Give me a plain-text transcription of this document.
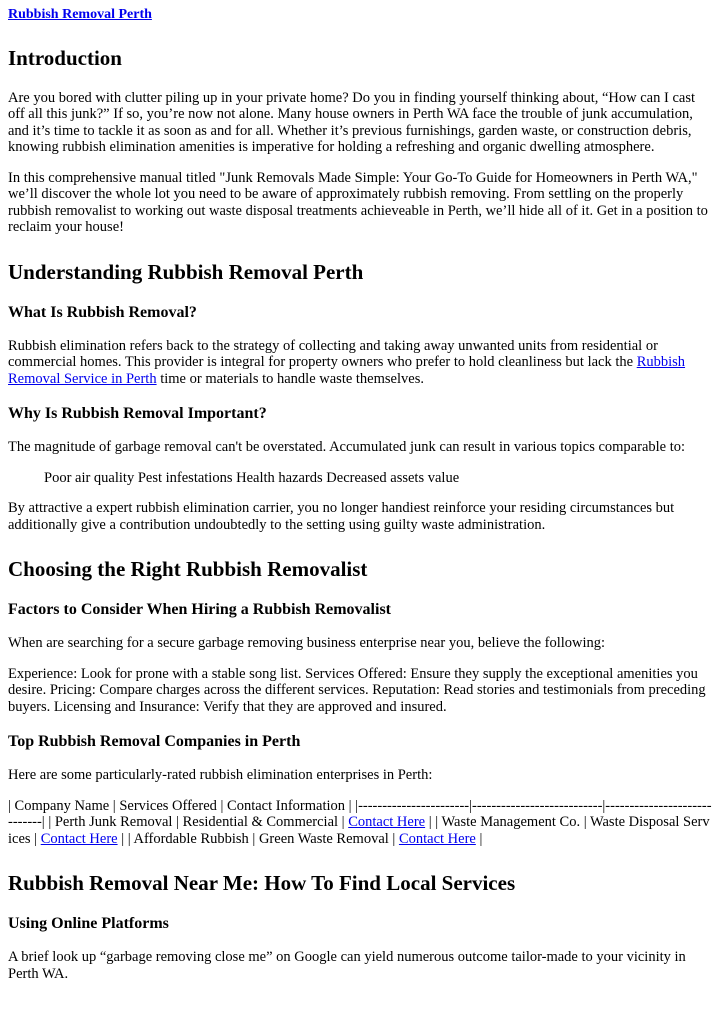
Rubbish Removal Perth
Introduction

Are you bored with clutter piling up in your private home? Do you in finding yourself thinking about, “How can I cast off all this junk?” If so, you’re now not alone. Many house owners in Perth WA face the trouble of junk accumulation, and it’s time to tackle it as soon as and for all. Whether it’s previous furnishings, garden waste, or construction debris, knowing rubbish elimination amenities is imperative for holding a refreshing and organic dwelling atmosphere.

In this comprehensive manual titled "Junk Removals Made Simple: Your Go-To Guide for Homeowners in Perth WA," we’ll discover the whole lot you need to be aware of approximately rubbish removing. From settling on the properly rubbish removalist to working out waste disposal treatments achieveable in Perth, we’ll hide all of it. Get in a position to reclaim your house!

Understanding Rubbish Removal Perth
What Is Rubbish Removal?

Rubbish elimination refers back to the strategy of collecting and taking away unwanted units from residential or commercial homes. This provider is integral for property owners who prefer to hold cleanliness but lack the Rubbish Removal Service in Perth time or materials to handle waste themselves.

Why Is Rubbish Removal Important?

The magnitude of garbage removal can't be overstated. Accumulated junk can result in various topics comparable to:

Poor air quality Pest infestations Health hazards Decreased assets value

By attractive a expert rubbish elimination carrier, you no longer handiest reinforce your residing circumstances but additionally give a contribution undoubtedly to the setting using guilty waste administration.

Choosing the Right Rubbish Removalist
Factors to Consider When Hiring a Rubbish Removalist

When are searching for a secure garbage removing business enterprise near you, believe the following:

Experience: Look for prone with a stable song list. Services Offered: Ensure they supply the exceptional amenities you desire. Pricing: Compare charges across the different services. Reputation: Read stories and testimonials from preceding buyers. Licensing and Insurance: Verify that they are approved and insured.

Top Rubbish Removal Companies in Perth

Here are some particularly-rated rubbish elimination enterprises in Perth:

| Company Name | Services Offered | Contact Information | |-----------------------|---------------------------|-----------------------------| | Perth Junk Removal | Residential & Commercial | Contact Here | | Waste Management Co. | Waste Disposal Services | Contact Here | | Affordable Rubbish | Green Waste Removal | Contact Here |

Rubbish Removal Near Me: How To Find Local Services
Using Online Platforms

A brief look up “garbage removing close me” on Google can yield numerous outcome tailor-made to your vicinity in Perth WA.
